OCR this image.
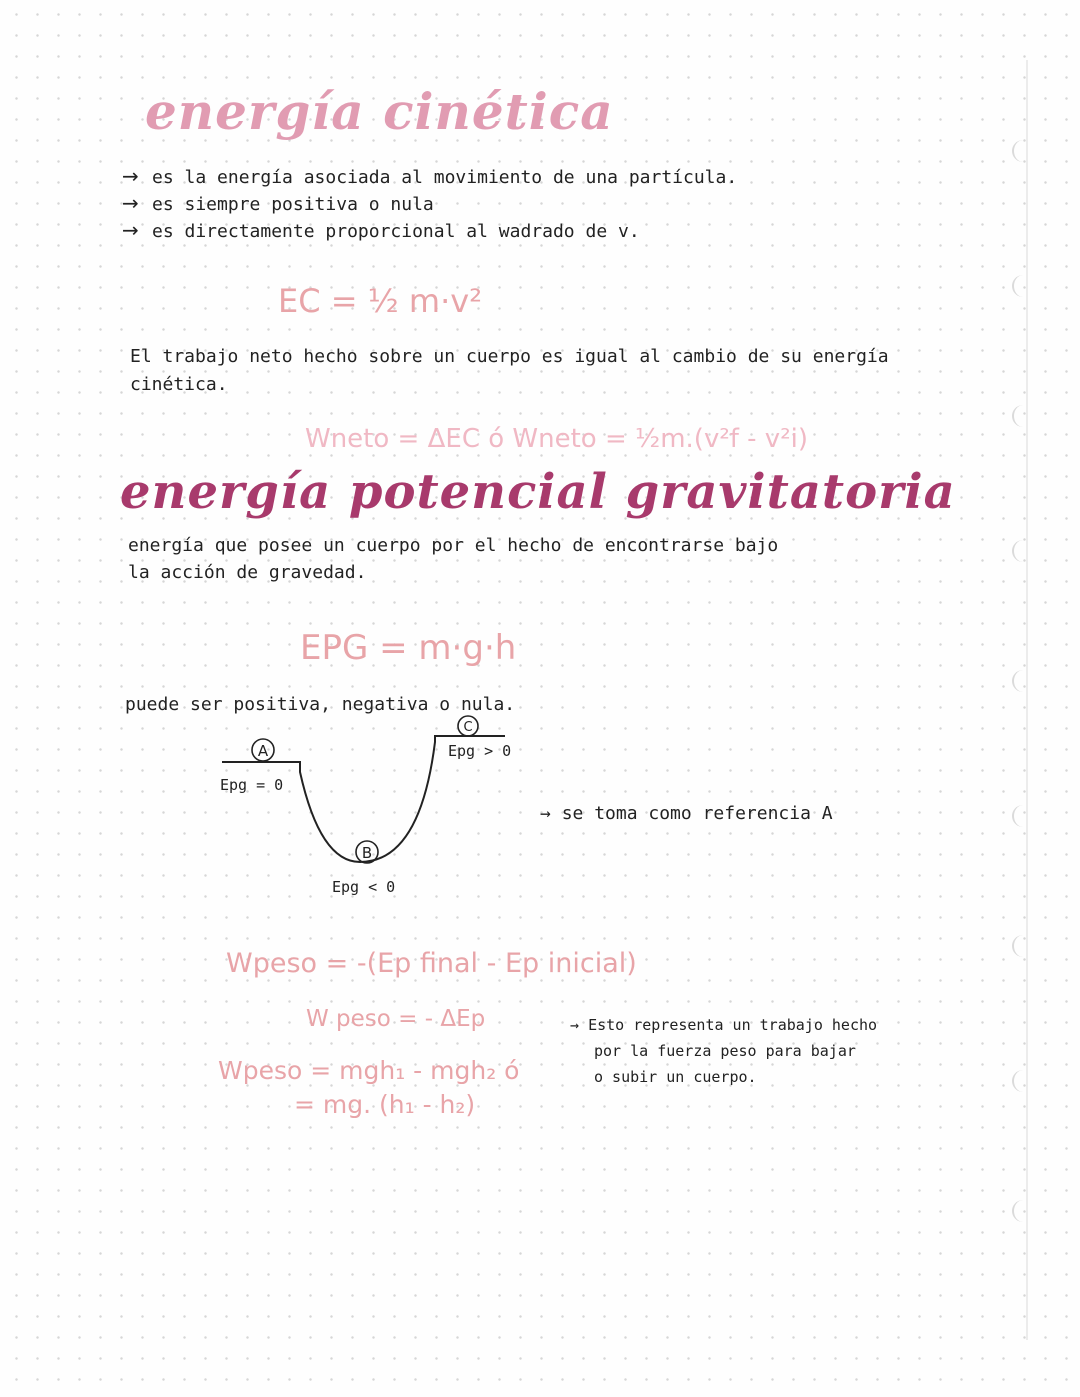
energía cinética
→ es la energía asociada al movimiento de una partícula.
→ es siempre positiva o nula
→ es directamente proporcional al wadrado de v.
EC = ½ m·v²
El trabajo neto hecho sobre un cuerpo es igual al cambio de su energía
cinética.
Wneto = ΔEC ó Wneto = ½m.(v²f - v²i)
energía potencial gravitatoria
energía que posee un cuerpo por el hecho de encontrarse bajo
la acción de gravedad.
EPG = m·g·h
puede ser positiva, negativa o nula.
A
B
C
Epg = 0
Epg < 0
Epg > 0
→ se toma como referencia A
Wpeso = -(Ep final - Ep inicial)
W peso = - ΔEp
Wpeso = mgh₁ - mgh₂ ó
= mg. (h₁ - h₂)
→ Esto representa un trabajo hecho
por la fuerza peso para bajar
o subir un cuerpo.
